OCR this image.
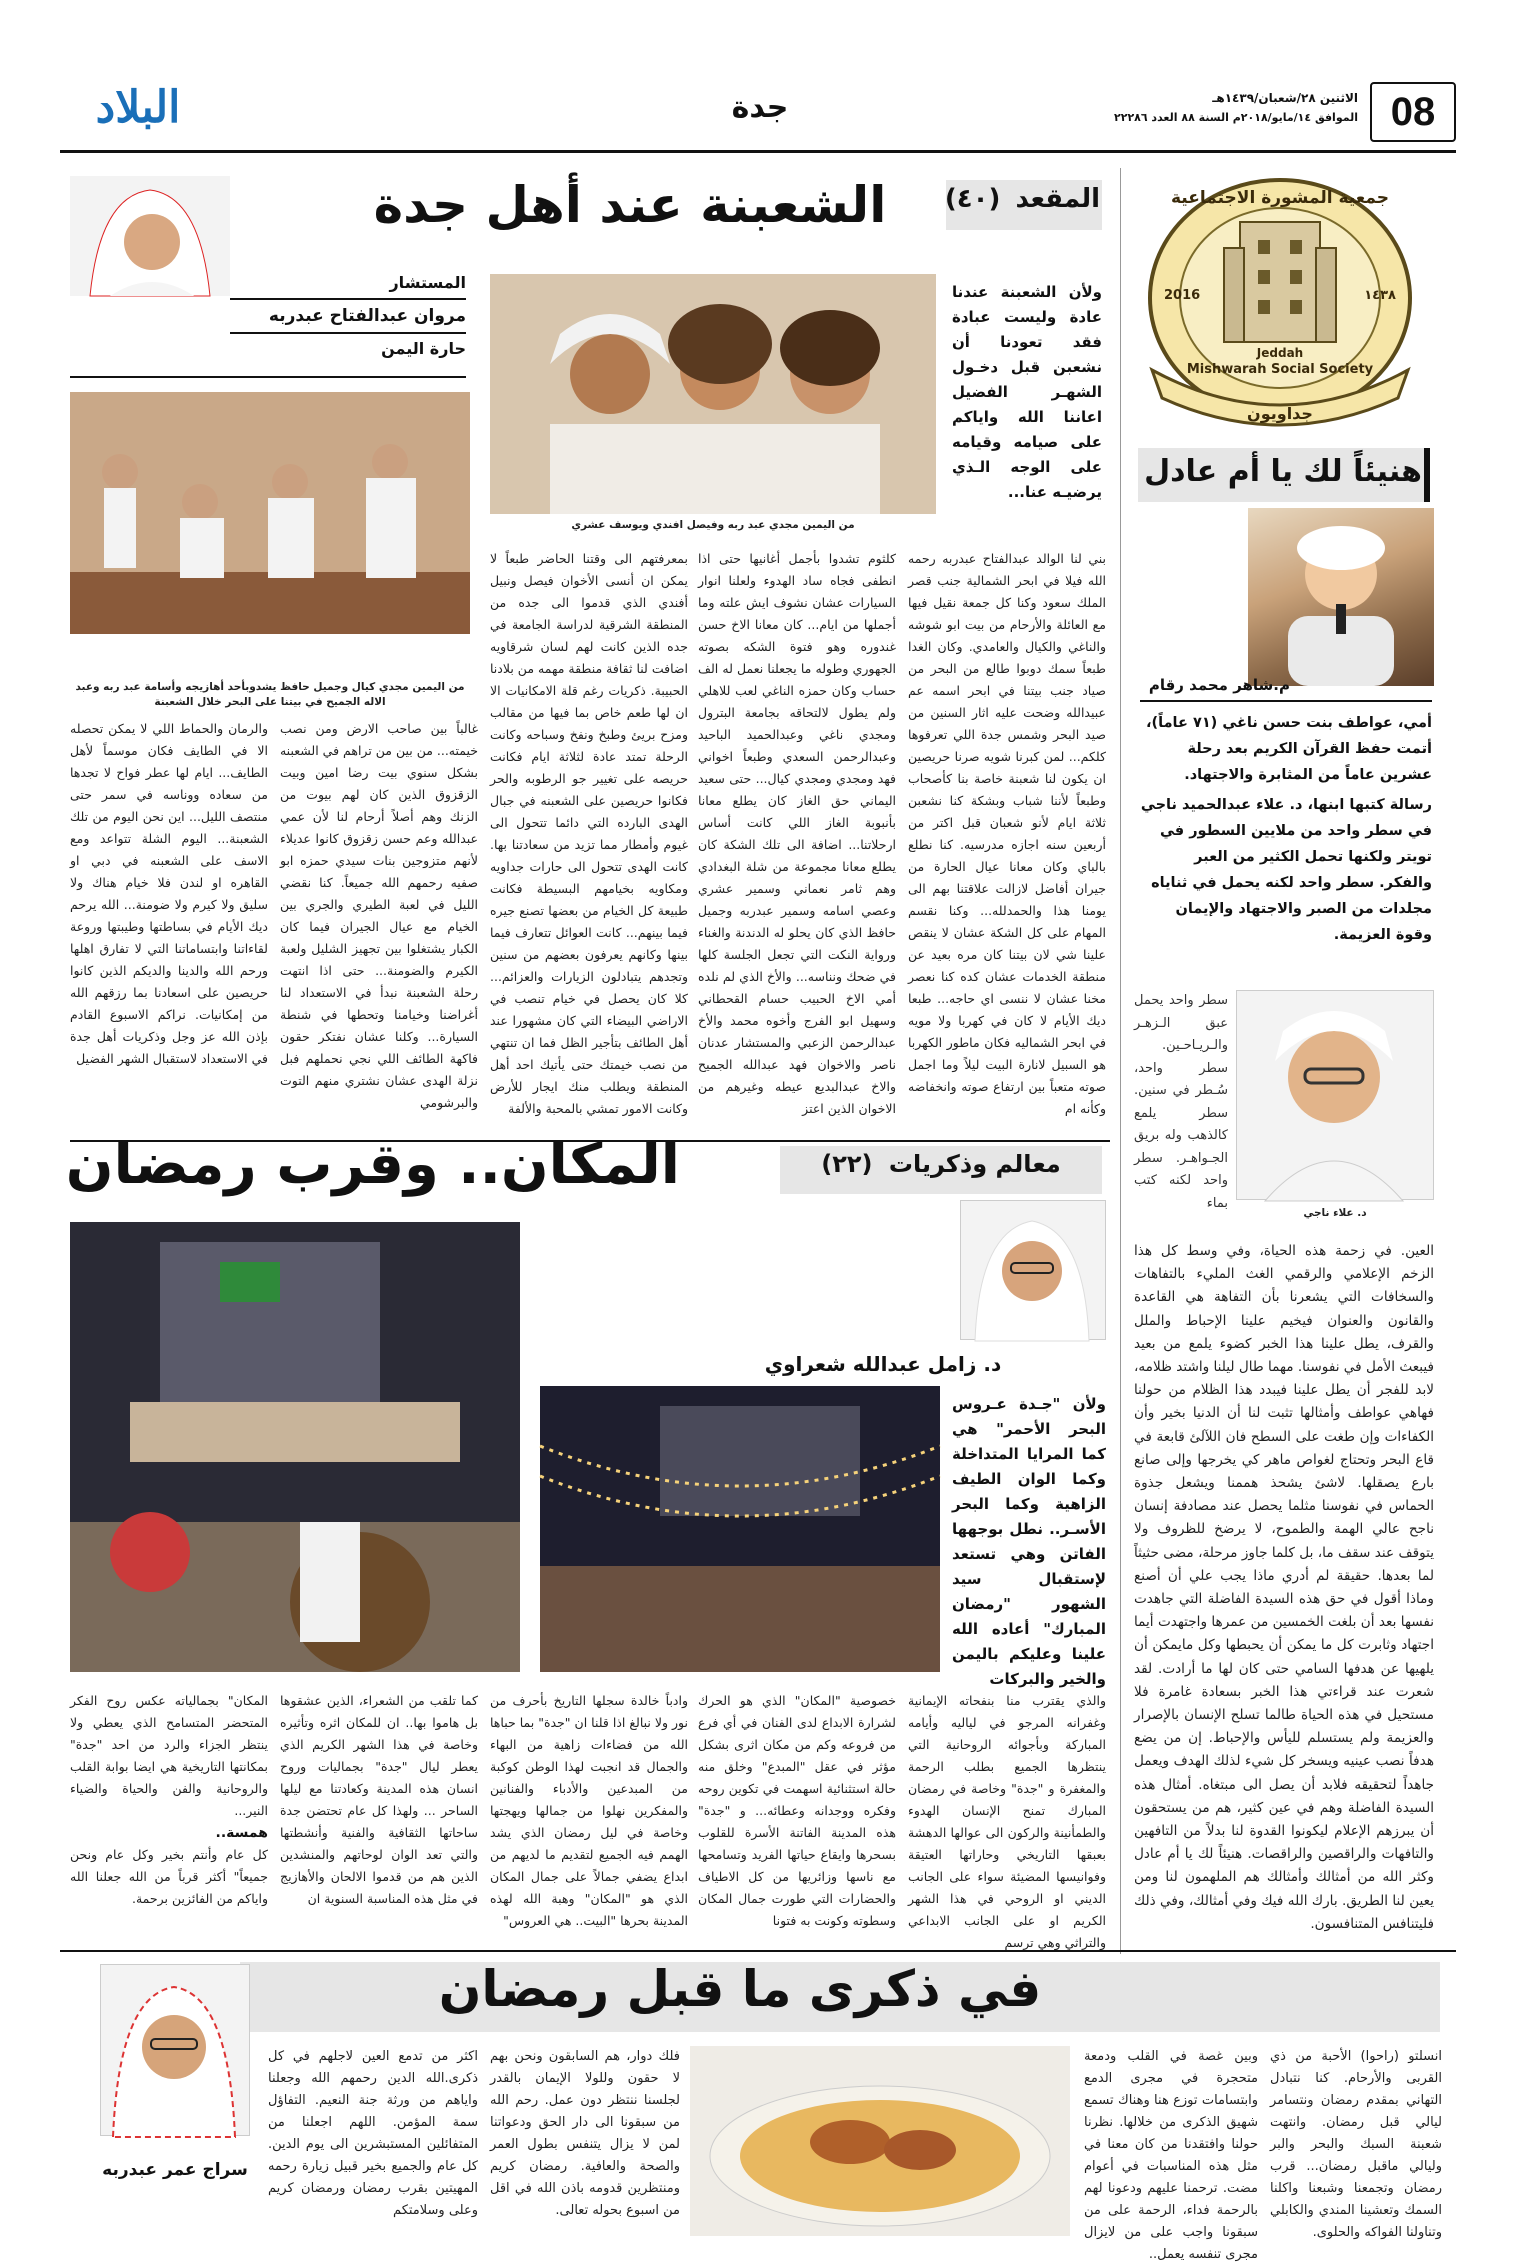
08
الاثنين ٢٨/شعبان/١٤٣٩هـ
الموافق ١٤/مايو/٢٠١٨م السنة ٨٨ العدد ٢٢٢٨٦
جدة
البلاد
جمعية المشورة الاجتماعية
2016	١٤٣٨
Jeddah
Mishwarah Social Society
جداويون
هنيئاً لك يا أم عادل
م.شاهر محمد رقام

أمي، عواطف بنت حسن ناغي (٧١ عاماً)، أتمت حفظ القرآن الكريم بعد رحلة عشرين عاماً من المثابرة والاجتهاد.

رسالة كتبها ابنها، د. علاء عبدالحميد ناجي في سطر واحد من ملايين السطور في تويتر ولكنها تحمل الكثير من العبر والفكر. سطر واحد لكنه يحمل في ثناياه مجلدات من الصبر والاجتهاد والإيمان وقوة العزيمة.

د. علاء ناجي
سطر واحد يحمل عبق الـزهـر والـريـاحـين. سطر واحد، سُـطر في سنين. سطر يلمع كالذهب وله بريق الجـواهـر. سطر واحد لكنه كتب بماء
العين. في زحمة هذه الحياة، وفي وسط كل هذا الزخم الإعلامي والرقمي الغث المليء بالتفاهات والسخافات التي يشعرنا بأن التفاهة هي القاعدة والقانون والعنوان فيخيم علينا الإحباط والملل والقرف، يطل علينا هذا الخبر كضوء يلمع من بعيد فيبعث الأمل في نفوسنا. مهما طال ليلنا واشتد ظلامه، لابد للفجر أن يطل علينا فيبدد هذا الظلام من حولنا فهاهي عواطف وأمثالها تثبت لنا أن الدنيا بخير وأن الكفاءات وإن طغت على السطح فان اللآلئ قابعة في قاع البحر وتحتاج لغواص ماهر كي يخرجها وإلى صانع بارع يصقلها. لاشئ يشحذ هممنا ويشعل جذوة الحماس في نفوسنا مثلما يحصل عند مصادفة إنسان ناجح عالي الهمة والطموح، لا يرضخ للظروف ولا يتوقف عند سقف ما، بل كلما جاوز مرحلة، مضى حثيثاً لما بعدها. حقيقة لم أدري ماذا يجب علي أن أصنع وماذا أقول في حق هذه السيدة الفاضلة التي جاهدت نفسها بعد أن بلغت الخمسين من عمرها واجتهدت أيما اجتهاد وثابرت كل ما يمكن أن يحبطها وكل مايمكن أن يلهيها عن هدفها السامي حتى كان لها ما أرادت. لقد شعرت عند قراءتي هذا الخبر بسعادة غامرة فلا مستحيل في هذه الحياة طالما تسلح الإنسان بالإصرار والعزيمة ولم يستسلم لليأس والإحباط. إن من يضع هدفاً نصب عينيه ويسخر كل شيء لذلك الهدف ويعمل جاهداً لتحقيقه فلابد أن يصل الى مبتغاه. أمثال هذه السيدة الفاضلة وهم في عين كثير، هم من يستحقون أن يبرزهم الإعلام ليكونوا القدوة لنا بدلاً من التافهين والتافهات والراقصين والراقصات. هنيئاً لك يا أم عادل وكثر الله من أمثالك وأمثالك هم الملهمون لنا ومن يعين لنا الطريق. بارك الله فيك وفي أمثالك، وفي ذلك فليتنافس المتنافسون.
المقعد (٤٠)
الشعبنة عند أهل جدة
المستشار
مروان عبدالفتاح عبدربه
حارة اليمن
ولأن الشعبنة عندنا عادة وليست عبادة فقد تعودنا أن نشعبن قبل دخـول الشهـر الفضيل اعاننا الله واياكم على صيامه وقيامه على الوجه الـذي يرضيـه عنا...
من اليمين مجدي عبد ربه وفيصل افندي ويوسف عشري
من اليمين مجدي كيال وجميل حافظ يشدوبأحد أهازيجه وأسامة عبد ربه وعبد الاله الجميح في بيتنا على البحر خلال الشعبنة
بني لنا الوالد عبدالفتاح عبدربه رحمه الله فيلا في ابحر الشمالية جنب قصر الملك سعود وكنا كل جمعة نقيل فيها مع العائلة والأرحام من بيت ابو شوشه والناغي والكيال والعامدي. وكان الغدا طبعاً سمك دوبوا طالع من البحر من صياد جنب بيتنا في ابحر اسمه عم عبيدالله وضحت عليه اثار السنين من صيد البحر وشمس جدة اللي تعرفوها كلكم... لمن كبرنا شويه صرنا حريصين ان يكون لنا شعبنة خاصة بنا كأصحاب وطبعاً لأننا شباب وبشكة كنا نشعبن ثلاثة ايام لأنو شعبان قبل اكتر من أربعين سنه اجازه مدرسيه. كنا نطلع بالباي وكان معانا عيال الحارة من جيران أفاضل لازالت علاقتنا بهم الى يومنا هذا والحمدلله... وكنا نقسم المهام على كل الشكة عشان لا ينقص علينا شي لان بيتنا كان مره بعيد عن منطقة الخدمات عشان كده كنا نعصر مخنا عشان لا ننسى اي حاجه... طبعا ديك الأيام لا كان في كهربا ولا مويه في ابحر الشماليه فكان ماطور الكهربا هو السبيل لانارة البيت ليلاً وما اجمل صوته متعباً بين ارتفاع صوته وانخفاضه وكأنه ام
كلثوم تشدوا بأجمل أغانيها حتى اذا انطفى فجاه ساد الهدوء ولعلنا انوار السيارات عشان نشوف ايش علته وما أجملها من ايام... كان معانا الاخ حسن غندوره وهو فتوة الشكه بصوته الجهوري وطوله ما يجعلنا نعمل له الف حساب وكان حمزه الناغي لعب للاهلي ولم يطول لالتحاقه بجامعة البترول ومجدي ناغي وعبدالحميد الباحيد وعبدالرحمن السعدي وطبعاً اخواني فهد ومجدي ومجدي كيال... حتى سعيد اليماني حق الغاز كان يطلع معانا بأنبوبة الغاز اللي كانت أساس ارحلاتنا... اضافة الى تلك الشكة كان يطلع معانا مجموعة من شلة البغدادي وهم ثامر نعماني وسمير عشري وعصي اسامه وسمير عبدربه وجميل حافظ الذي كان يحلو له الدندنة والغناء ورواية النكت التي تجعل الجلسة كلها في ضحك ونناسه... والأخ الذي لم نلده أمي الاخ الحبيب حسام القحطاني وسهيل ابو الفرج وأخوه محمد والأخ عبدالرحمن الزعبي والمستشار عدنان ناصر والاخوان فهد عبدالله الجميح والاخ عبدالبديع عيطه وغيرهم من الاخوان الذين اعتز
بمعرفتهم الى وقتنا الحاضر طبعاً لا يمكن ان أنسى الأخوان فيصل ونبيل أفندي الذي قدموا الى جده من المنطقة الشرقية لدراسة الجامعة في جده الذين كانت لهم لسان شرقاويه اضافت لنا ثقافة منطقة مهمه من بلادنا الحبيبة. ذكريات رغم قلة الامكانيات الا ان لها طعم خاص بما فيها من مقالب ومزح بريئ وطبخ ونفخ وسباحه وكانت الرحلة تمتد عادة لثلاثة ايام فكانت حريصه على تغيير جو الرطوبه والحر فكانوا حريصين على الشعبنه في جبال الهدى البارده التي دائما تتحول الى غيوم وأمطار مما تزيد من سعادتنا بها. كانت الهدى تتحول الى حارات جداويه ومكاويه بخيامهم البسيطة فكانت طبيعة كل الخيام من بعضها تصنع جيره فيما بينهم... كانت العوائل تتعارف فيما بينها وكانهم يعرفون بعضهم من سنين وتجدهم يتبادلون الزيارات والعزائم... كلا كان يحصل في خيام تنصب في الاراضي البيضاء التي كان مشهورا عند أهل الطائف بتأجير الظل فما ان تنتهي من نصب خيمتك حتى يأتيك احد أهل المنطقة ويطلب منك ايجار للأرض وكانت الامور تمشي بالمحبة والألفة
غالباً بين صاحب الارض ومن نصب خيمته... من بين من تراهم في الشعبنه بشكل سنوي بيت رضا امين وبيت الزقزوق الذين كان لهم بيوت من الزنك وهم أصلاً أرحام لنا لأن عمي عبدالله وعم حسن زقزوق كانوا عديلاء لأنهم متزوجين بنات سيدي حمزه ابو صفيه رحمهم الله جميعاً. كنا نقضي الليل في لعبة الطيري والجري بين الخيام مع عيال الجيران فيما كان الكبار يشتغلوا بين تجهيز الشليل ولعبة الكيرم والضومنة... حتى اذا انتهت رحلة الشعبنة نبدأ في الاستعداد لنا أغراضنا وخيامنا وتحطها في شنطة السيارة... وكلنا عشان نفتكر حقون فاكهة الطائف اللي نجي نحملهم فبل نزلة الهدى عشان نشتري منهم التوت والبرشومي
والرمان والحماط اللي لا يمكن تحصله الا في الطايف فكان موسماً لأهل الطايف... ايام لها عطر فواح لا تجدها من سعاده ووناسه في سمر حتى منتصف الليل... اين نحن اليوم من تلك الشعبنة... اليوم الشلة تتواعد ومع الاسف على الشعبنه في دبي او القاهره او لندن فلا خيام هناك ولا سليق ولا كيرم ولا ضومنة... الله يرحم ديك الأيام في بساطتها وطيبتها وروعة لقاءاتنا وابتساماتنا التي لا تفارق اهلها ورحم الله والدينا والديكم الذين كانوا حريصين على اسعادنا بما رزقهم الله من إمكانيات. نراكم الاسبوع القادم بإذن الله عز وجل وذكريات أهل جدة في الاستعداد لاستقبال الشهر الفضيل
معالم وذكريات (٢٢)
المكان.. وقرب رمضان
د. زامل عبدالله شعراوي
ولأن "جـدة عـروس البحر الأحمر" هي كما المرايا المتداخلة وكما الوان الطيف الزاهية وكما البحر الأسـر.. نطل بوجهها الفاتن وهي تستعد لإستقبال سيد الشهور "رمضان المبارك" أعاده الله علينا وعليكم باليمن والخير والبركات
والذي يقترب منا بنفحاته الإيمانية وغفرانه المرجو في لياليه وأيامه المباركة وبأجوائه الروحانية التي ينتظرها الجميع بطلب الرحمة والمغفرة و "جدة" وخاصة في رمضان المبارك تمنح الإنسان الهدوء والطمأنينة والركون الى عوالها الدهشة بعبقها التاريخي وحاراتها العتيقة وفوانيسها المضيئة سواء على الجانب الديني او الروحي في هذا الشهر الكريم او على الجانب الابداعي والتراثي وهي ترسم
خصوصية "المكان" الذي هو الحرك لشرارة الابداع لدى الفنان في أي فرع من فروعه وكم من مكان اثرى بشكل مؤثر في عقل "المبدع" وخلق منه حالة استثنائية اسهمت في تكوين روحه وفكره ووجدانه وعطائه... و "جدة" هذه المدينة الفاتنة الأسرة للقلوب بسحرها وايقاع حياتها الفريد وتسامحها مع ناسها وزائريها من كل الاطياف والحضارات التي طورت جمال المكان وسطوته وكونت به فتونا
وادباً خالدة سجلها التاريخ بأحرف من نور ولا نبالغ اذا قلنا ان "جدة" بما حباها الله من فضاءات زاهية من البهاء والجمال قد انجبت لهذا الوطن كوكبة من المبدعين والأدباء والفنانين والمفكرين نهلوا من جمالها ويهجتها وخاصة في ليل رمضان الذي يشد الهمم فيه الجميع لتقديم ما لديهم من ابداع يضفي جمالاً على جمال المكان الذي هو "المكان" وهبة الله لهذه المدينة بحرها "البيت.. هي العروس"
كما تلقب من الشعراء، الذين عشقوها بل هاموا بها.. ان للمكان اثره وتأثيره وخاصة في هذا الشهر الكريم الذي يعطر ليال "جدة" بجماليات وروح انسان هذه المدينة وكعادتنا مع ليلها الساحر ... ولهذا كل عام تحتضن جدة ساحاتها الثقافية والفنية وأنشطتها والتي تعد الوان لوحاتهم والمنشدين الذين هم من قدموا الالحان والأهازيج في مثل هذه المناسبة السنوية ان
المكان" بجمالياته عكس روح الفكر المتحضر المتسامح الذي يعطي ولا ينتظر الجزاء والرد من احد "جدة" بمكانتها التاريخية هي ايضا بوابة القلب والروحانية والفن والحياة والضياء النير...
همسة..
كل عام وأنتم بخير وكل عام ونحن جميعاً" أكثر قرباً من الله جعلنا الله واياكم من الفائزين برحمة.
في ذكرى ما قبل رمضان
سراج عمر عبدربه
انسلتو (راحوا) الأحبة من ذي القربى والأرحام. كنا نتبادل التهاني بمقدم رمضان ونتسامر ليالي قبل رمضان. وانتهت شعبنة السبك والبحر والبر وليالي ماقبل رمضان... قرب رمضان وتجمعنا وشبعنا واكلنا السمك وتعشينا المندي والكابلي وتناولنا الفواكه والحلوى.
وبين غصة في القلب ودمعة متحجرة في مجرى الدمع وابتسامات توزع هنا وهناك تسمع شهيق الذكرى من خلالها. نظرنا حولنا وافتقدنا من كان معنا في مثل هذه المناسبات في أعوام مضت. ترحمنا عليهم ودعونا لهم بالرحمة فداء، الرحمة على من سبقونا واجب على من لايزال مجرى تنفسه يعمل..
فلك دوار، هم السابقون ونحن بهم لا حقون وللولا الإيمان بالقدر لجلسنا ننتظر دون عمل. رحم الله من سبقونا الى دار الحق ودعواتنا لمن لا يزال يتنفس بطول العمر والصحة والعافية. رمضان كريم ومنتظرين قدومه باذن الله في اقل من اسبوع بحوله تعالى.
اكثر من تدمع العين لاجلهم في كل ذكرى.الله الدين رحمهم الله وجعلنا واياهم من ورثة جنة النعيم. التفاؤل سمة المؤمن. اللهم اجعلنا من المتفائلين المستبشرين الى يوم الدين. كل عام والجميع بخير قبيل زيارة رحمه المهيتين بقرب رمضان ورمضان كريم وعلى وسلامتكم
